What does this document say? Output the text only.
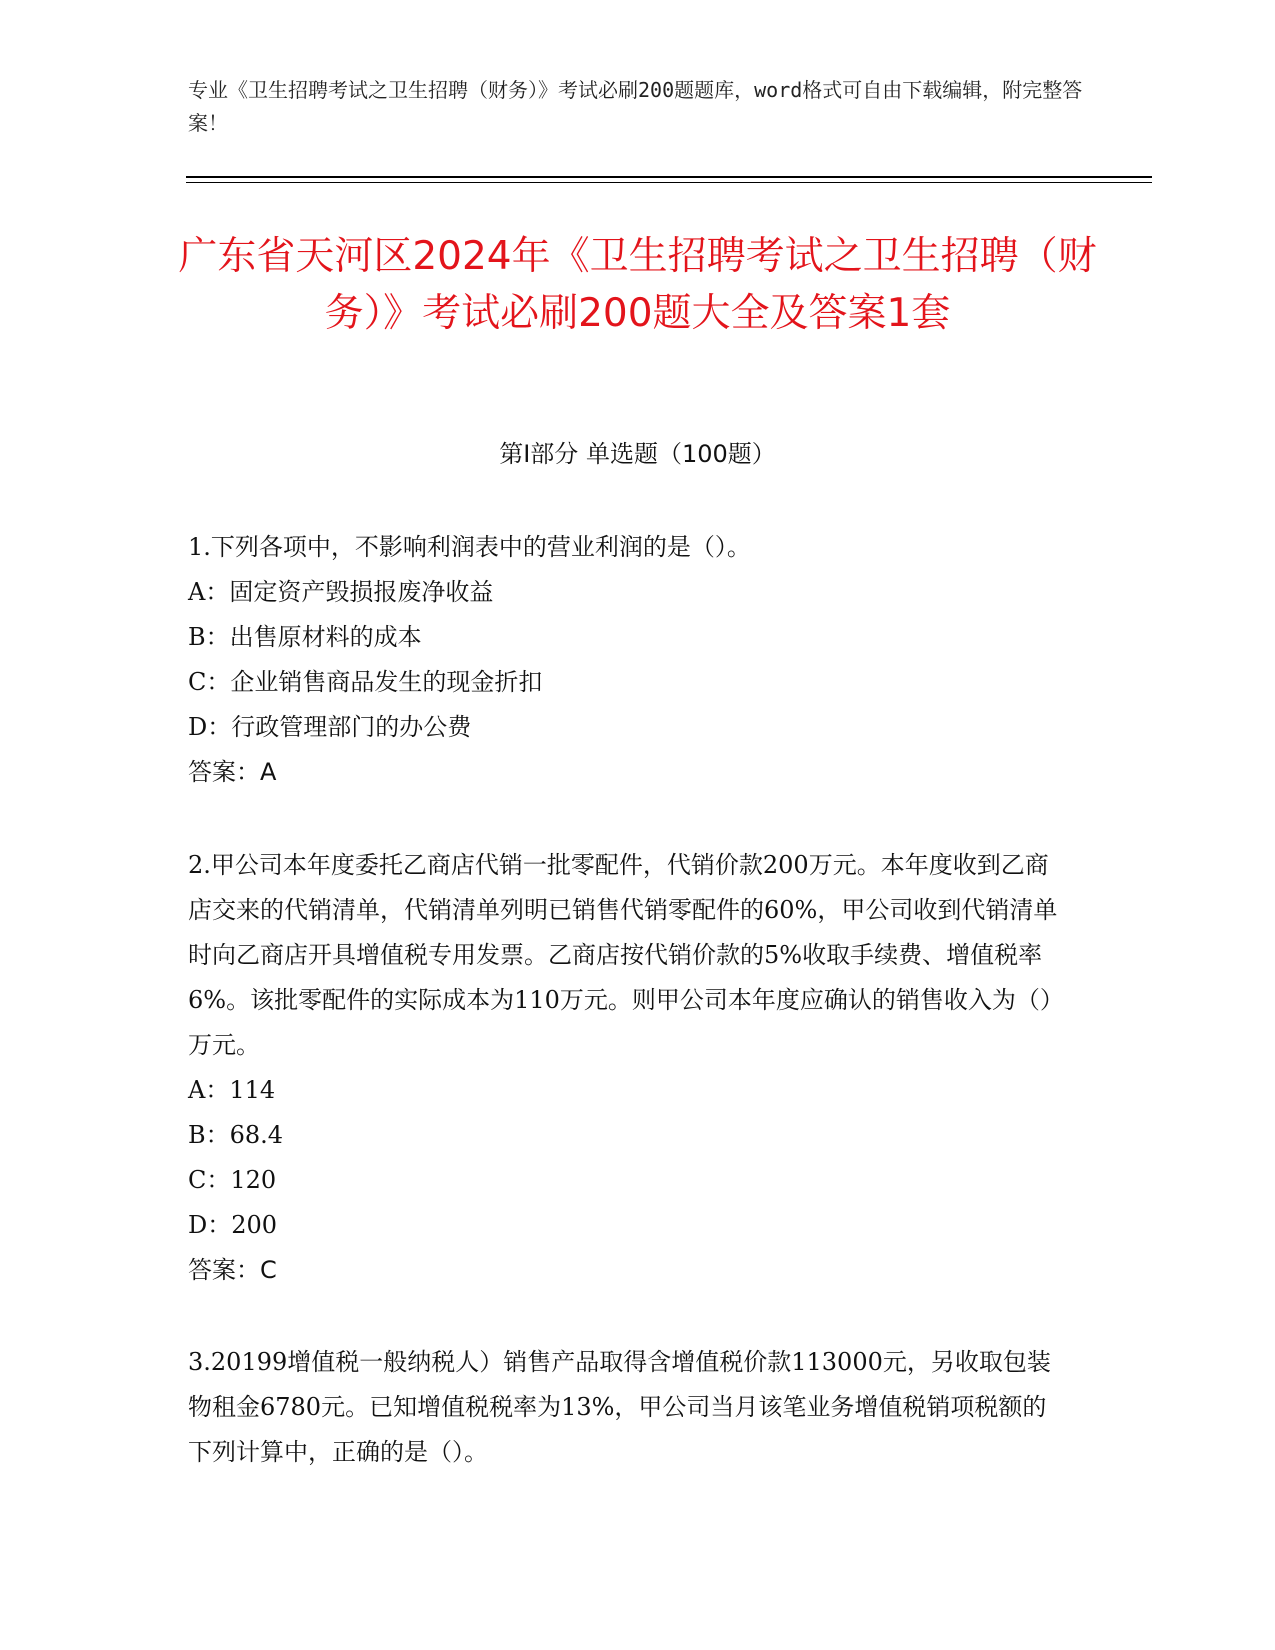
专业《卫生招聘考试之卫生招聘（财务）》考试必刷200题题库，word格式可自由下载编辑，附完整答案！
广东省天河区2024年《卫生招聘考试之卫生招聘（财务）》考试必刷200题大全及答案1套
第Ⅰ部分 单选题（100题）

1.下列各项中，不影响利润表中的营业利润的是（）。

A：固定资产毁损报废净收益

B：出售原材料的成本

C：企业销售商品发生的现金折扣

D：行政管理部门的办公费

答案：A

2.甲公司本年度委托乙商店代销一批零配件，代销价款200万元。本年度收到乙商店交来的代销清单，代销清单列明已销售代销零配件的60%，甲公司收到代销清单时向乙商店开具增值税专用发票。乙商店按代销价款的5%收取手续费、增值税率6%。该批零配件的实际成本为110万元。则甲公司本年度应确认的销售收入为（）万元。

A：114

B：68.4

C：120

D：200

答案：C

3.20199增值税一般纳税人）销售产品取得含增值税价款113000元，另收取包装物租金6780元。已知增值税税率为13%，甲公司当月该笔业务增值税销项税额的下列计算中，正确的是（）。
